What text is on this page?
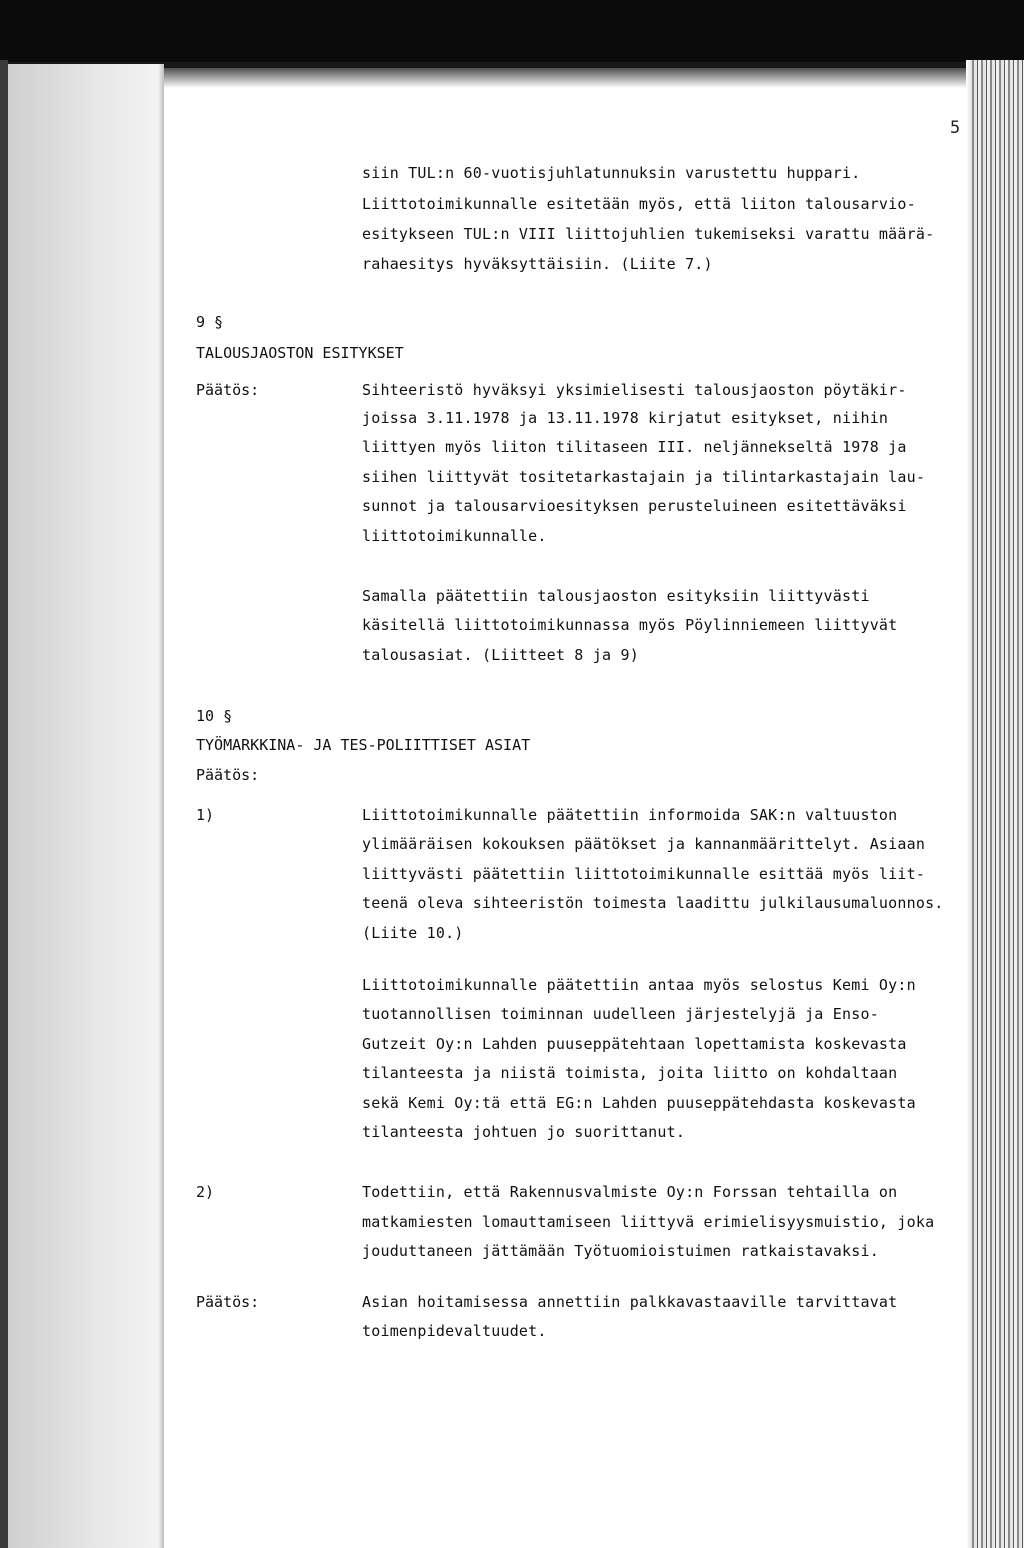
5
siin TUL:n 60-vuotisjuhlatunnuksin varustettu huppari.
Liittotoimikunnalle esitetään myös, että liiton talousarvio-
esitykseen TUL:n VIII liittojuhlien tukemiseksi varattu määrä-
rahaesitys hyväksyttäisiin. (Liite 7.)
9 §
TALOUSJAOSTON ESITYKSET
Päätös:	Sihteeristö hyväksyi yksimielisesti talousjaoston pöytäkir-
joissa 3.11.1978 ja 13.11.1978 kirjatut esitykset, niihin
liittyen myös liiton tilitaseen III. neljännekseltä 1978 ja
siihen liittyvät tositetarkastajain ja tilintarkastajain lau-
sunnot ja talousarvioesityksen perusteluineen esitettäväksi
liittotoimikunnalle.
Samalla päätettiin talousjaoston esityksiin liittyvästi
käsitellä liittotoimikunnassa myös Pöylinniemeen liittyvät
talousasiat. (Liitteet 8 ja 9)
10 §
TYÖMARKKINA- JA TES-POLIITTISET ASIAT
Päätös:
1)	Liittotoimikunnalle päätettiin informoida SAK:n valtuuston
ylimääräisen kokouksen päätökset ja kannanmäärittelyt. Asiaan
liittyvästi päätettiin liittotoimikunnalle esittää myös liit-
teenä oleva sihteeristön toimesta laadittu julkilausumaluonnos.
(Liite 10.)
Liittotoimikunnalle päätettiin antaa myös selostus Kemi Oy:n
tuotannollisen toiminnan uudelleen järjestelyjä ja Enso-
Gutzeit Oy:n Lahden puuseppätehtaan lopettamista koskevasta
tilanteesta ja niistä toimista, joita liitto on kohdaltaan
sekä Kemi Oy:tä että EG:n Lahden puuseppätehdasta koskevasta
tilanteesta johtuen jo suorittanut.
2)	Todettiin, että Rakennusvalmiste Oy:n Forssan tehtailla on
matkamiesten lomauttamiseen liittyvä erimielisyysmuistio, joka
jouduttaneen jättämään Työtuomioistuimen ratkaistavaksi.
Päätös:	Asian hoitamisessa annettiin palkkavastaaville tarvittavat
toimenpidevaltuudet.
